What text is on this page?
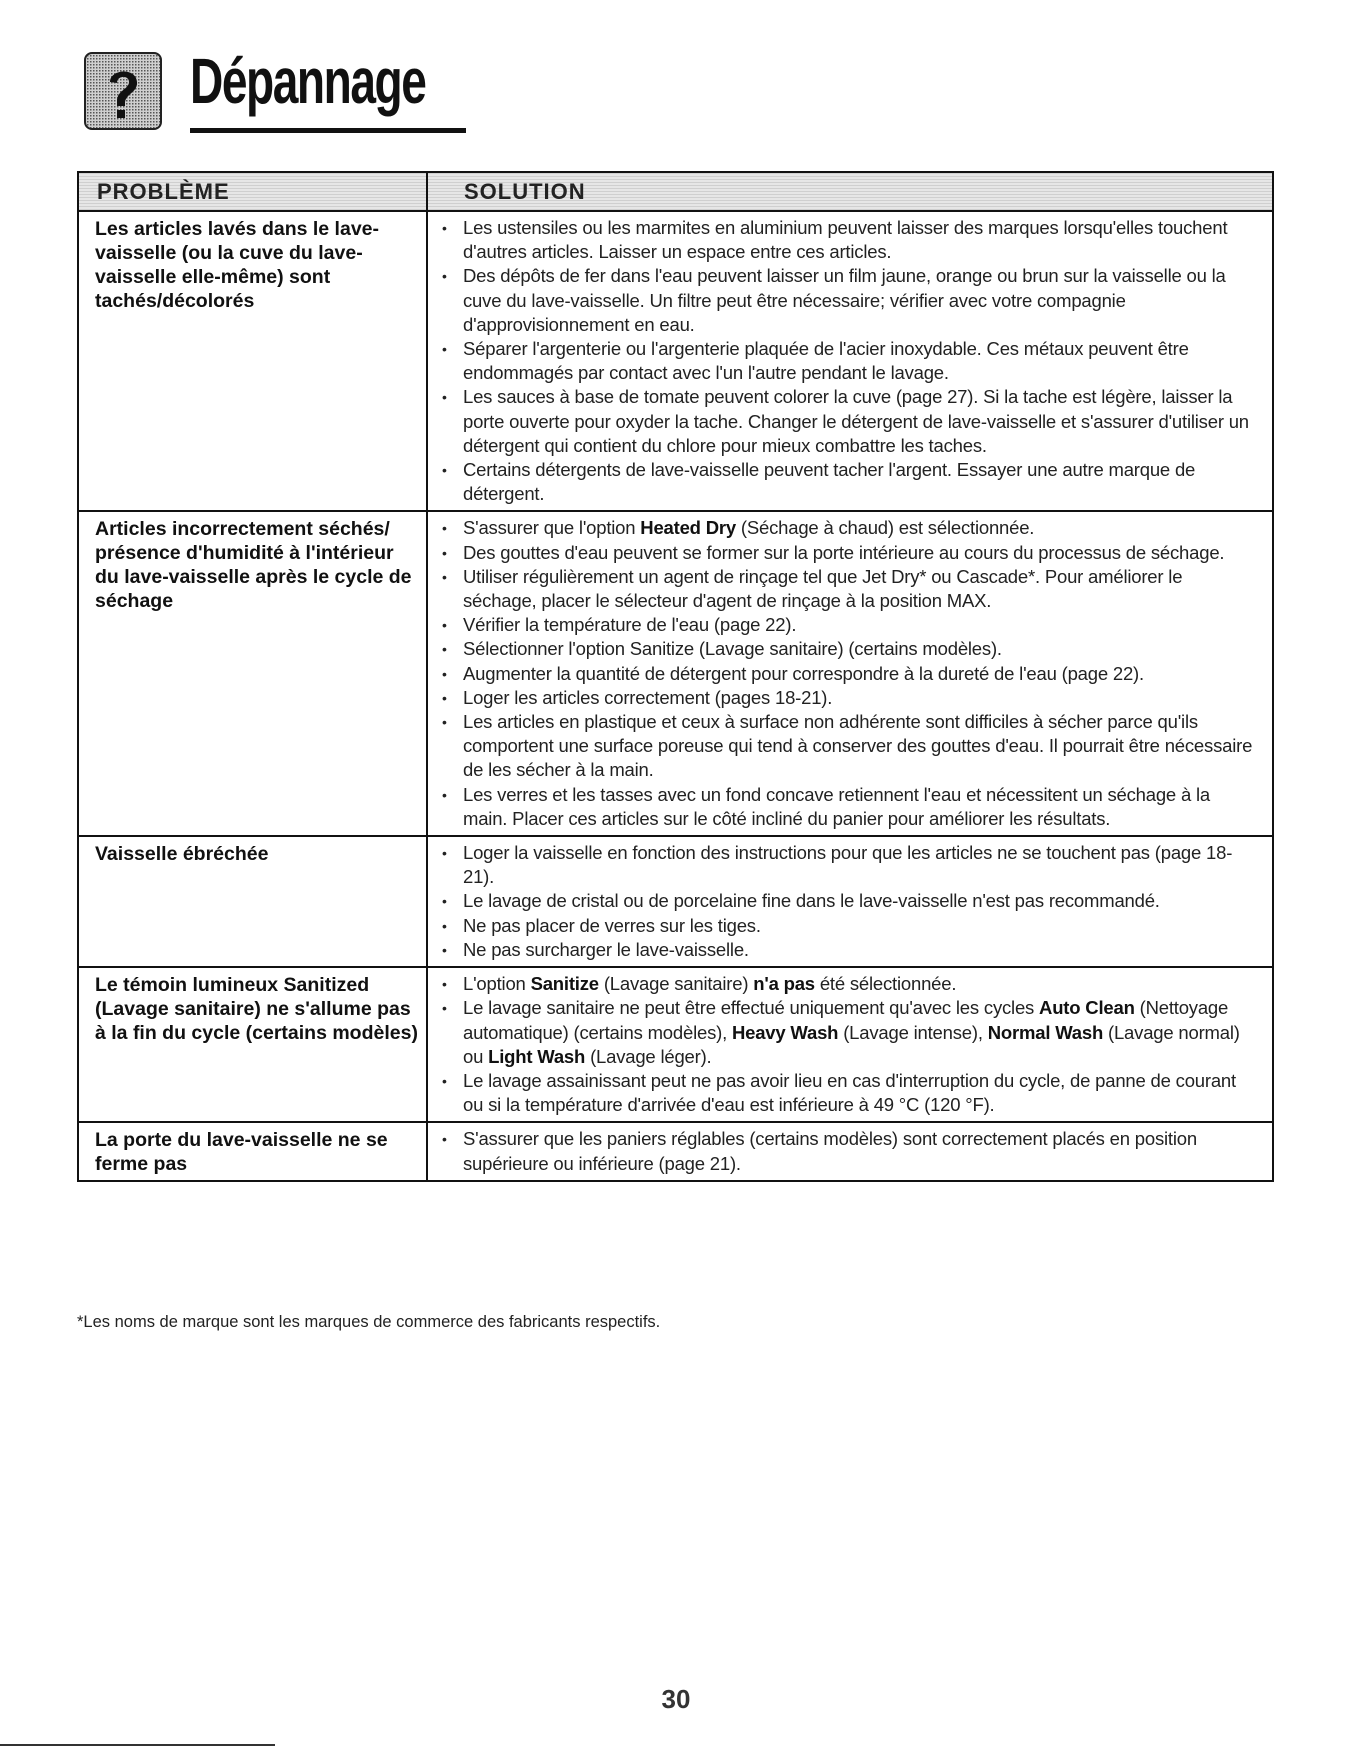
Dépannage
PROBLÈME	SOLUTION
Les articles lavés dans le lave-vaisselle (ou la cuve du lave-vaisselle elle-même) sont tachés/décolorés
• Les ustensiles ou les marmites en aluminium peuvent laisser des marques lorsqu'elles touchent d'autres articles. Laisser un espace entre ces articles.
• Des dépôts de fer dans l'eau peuvent laisser un film jaune, orange ou brun sur la vaisselle ou la cuve du lave-vaisselle. Un filtre peut être nécessaire; vérifier avec votre compagnie d'approvisionnement en eau.
• Séparer l'argenterie ou l'argenterie plaquée de l'acier inoxydable. Ces métaux peuvent être endommagés par contact avec l'un l'autre pendant le lavage.
• Les sauces à base de tomate peuvent colorer la cuve (page 27). Si la tache est légère, laisser la porte ouverte pour oxyder la tache. Changer le détergent de lave-vaisselle et s'assurer d'utiliser un détergent qui contient du chlore pour mieux combattre les taches.
• Certains détergents de lave-vaisselle peuvent tacher l'argent. Essayer une autre marque de détergent.
Articles incorrectement séchés/ présence d'humidité à l'intérieur du lave-vaisselle après le cycle de séchage
• S'assurer que l'option Heated Dry (Séchage à chaud) est sélectionnée.
• Des gouttes d'eau peuvent se former sur la porte intérieure au cours du processus de séchage.
• Utiliser régulièrement un agent de rinçage tel que Jet Dry* ou Cascade*. Pour améliorer le séchage, placer le sélecteur d'agent de rinçage à la position MAX.
• Vérifier la température de l'eau (page 22).
• Sélectionner l'option Sanitize (Lavage sanitaire) (certains modèles).
• Augmenter la quantité de détergent pour correspondre à la dureté de l'eau (page 22).
• Loger les articles correctement (pages 18-21).
• Les articles en plastique et ceux à surface non adhérente sont difficiles à sécher parce qu'ils comportent une surface poreuse qui tend à conserver des gouttes d'eau. Il pourrait être nécessaire de les sécher à la main.
• Les verres et les tasses avec un fond concave retiennent l'eau et nécessitent un séchage à la main. Placer ces articles sur le côté incliné du panier pour améliorer les résultats.
Vaisselle ébréchée
•	Loger la vaisselle en fonction des instructions pour que les articles ne se touchent pas (page 18-21).
• Le lavage de cristal ou de porcelaine fine dans le lave-vaisselle n'est pas recommandé.
• Ne pas placer de verres sur les tiges.
• Ne pas surcharger le lave-vaisselle.
Le témoin lumineux Sanitized (Lavage sanitaire) ne s'allume pas à la fin du cycle (certains modèles)
• L'option Sanitize (Lavage sanitaire) n'a pas été sélectionnée.
• Le lavage sanitaire ne peut être effectué uniquement qu'avec les cycles Auto Clean (Nettoyage automatique) (certains modèles), Heavy Wash (Lavage intense), Normal Wash (Lavage normal) ou Light Wash (Lavage léger).
• Le lavage assainissant peut ne pas avoir lieu en cas d'interruption du cycle, de panne de courant ou si la température d'arrivée d'eau est inférieure à 49 °C (120 °F).
La porte du lave-vaisselle ne se ferme pas
• S'assurer que les paniers réglables (certains modèles) sont correctement placés en position supérieure ou inférieure (page 21).
*Les noms de marque sont les marques de commerce des fabricants respectifs.
30
